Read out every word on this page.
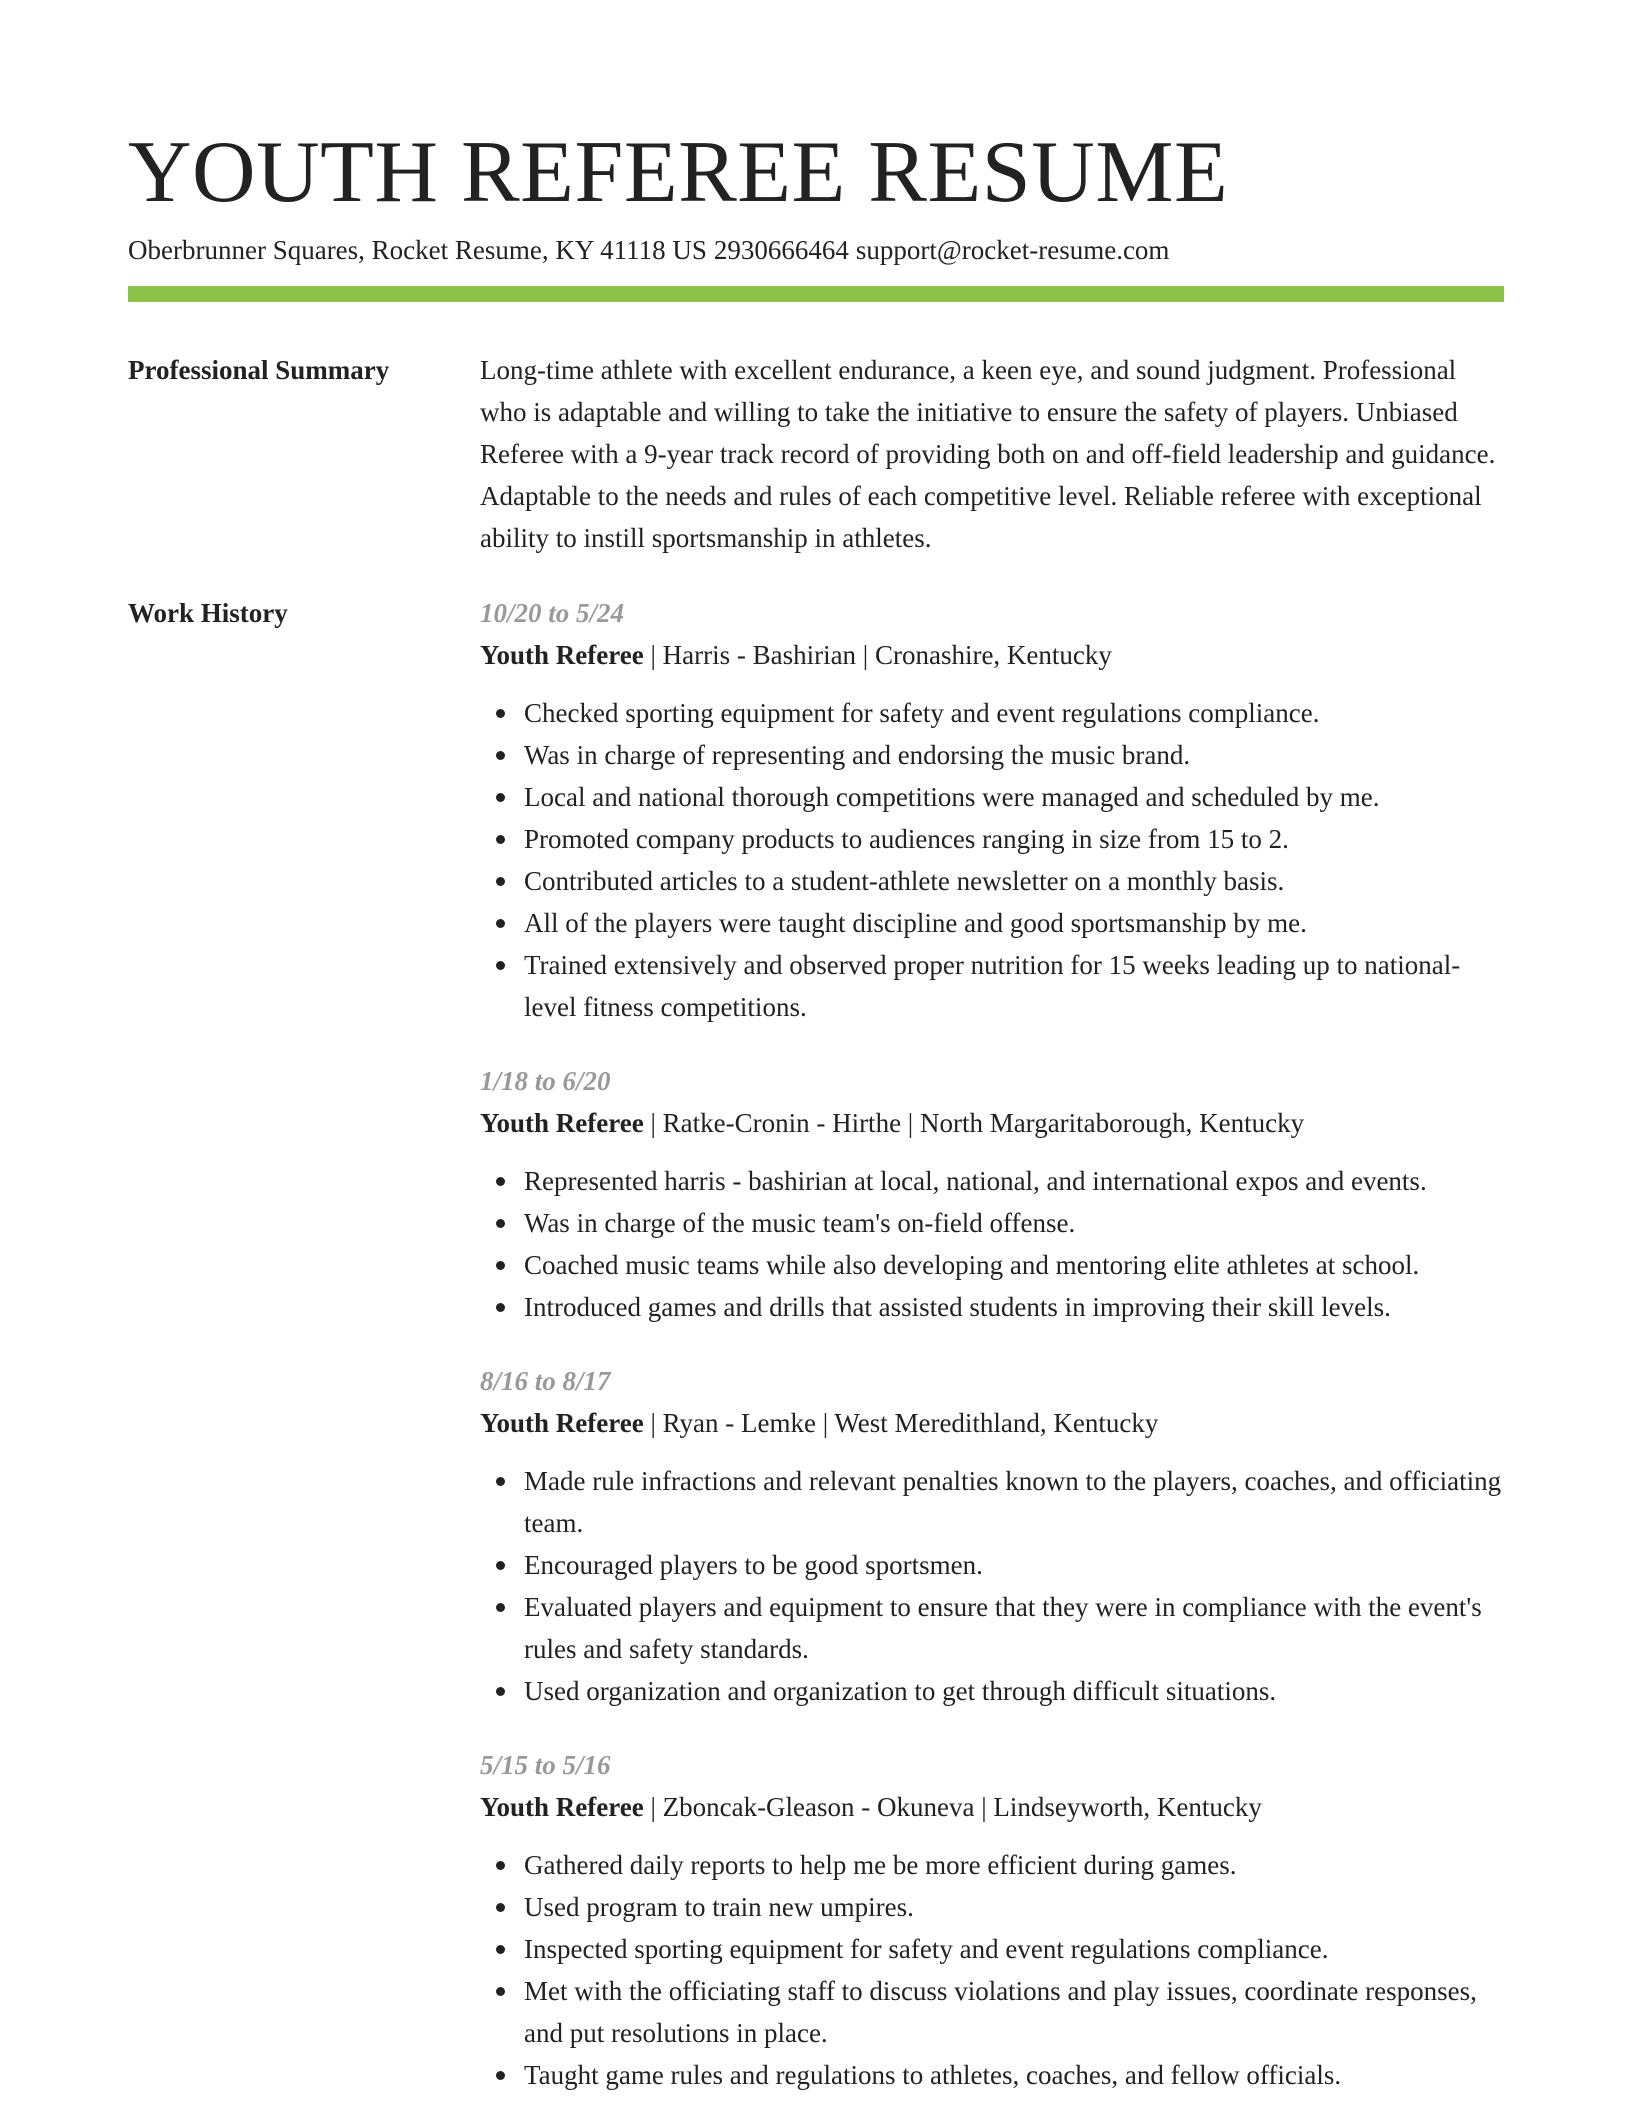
YOUTH REFEREE RESUME
Oberbrunner Squares, Rocket Resume, KY 41118 US 2930666464 support@rocket-resume.com
Professional Summary	Long-time athlete with excellent endurance, a keen eye, and sound judgment. Professional who is adaptable and willing to take the initiative to ensure the safety of players. Unbiased Referee with a 9-year track record of providing both on and off-field leadership and guidance. Adaptable to the needs and rules of each competitive level. Reliable referee with exceptional ability to instill sportsmanship in athletes.

Work History	10/20 to 5/24
Youth Referee | Harris - Bashirian | Cronashire, Kentucky
Checked sporting equipment for safety and event regulations compliance.
Was in charge of representing and endorsing the music brand.
Local and national thorough competitions were managed and scheduled by me.
Promoted company products to audiences ranging in size from 15 to 2.
Contributed articles to a student-athlete newsletter on a monthly basis.
All of the players were taught discipline and good sportsmanship by me.
Trained extensively and observed proper nutrition for 15 weeks leading up to national-level fitness competitions.
1/18 to 6/20
Youth Referee | Ratke-Cronin - Hirthe | North Margaritaborough, Kentucky
Represented harris - bashirian at local, national, and international expos and events.
Was in charge of the music team's on-field offense.
Coached music teams while also developing and mentoring elite athletes at school.
Introduced games and drills that assisted students in improving their skill levels.
8/16 to 8/17
Youth Referee | Ryan - Lemke | West Meredithland, Kentucky
Made rule infractions and relevant penalties known to the players, coaches, and officiating team.
Encouraged players to be good sportsmen.
Evaluated players and equipment to ensure that they were in compliance with the event's rules and safety standards.
Used organization and organization to get through difficult situations.
5/15 to 5/16
Youth Referee | Zboncak-Gleason - Okuneva | Lindseyworth, Kentucky
Gathered daily reports to help me be more efficient during games.
Used program to train new umpires.
Inspected sporting equipment for safety and event regulations compliance.
Met with the officiating staff to discuss violations and play issues, coordinate responses, and put resolutions in place.
Taught game rules and regulations to athletes, coaches, and fellow officials.
